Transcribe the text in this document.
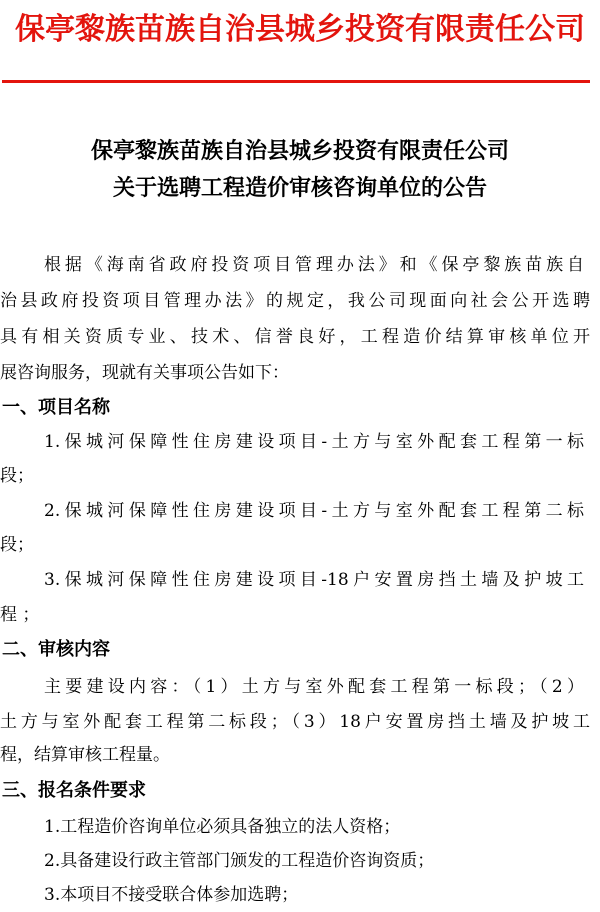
保亭黎族苗族自治县城乡投资有限责任公司
保亭黎族苗族自治县城乡投资有限责任公司
关于选聘工程造价审核咨询单位的公告
根据《海南省政府投资项目管理办法》和《保亭黎族苗族自
治县政府投资项目管理办法》的规定，我公司现面向社会公开选聘
具有相关资质专业、技术、信誉良好，工程造价结算审核单位开
展咨询服务，现就有关事项公告如下：
一、项目名称
1.保城河保障性住房建设项目-土方与室外配套工程第一标
段；
2.保城河保障性住房建设项目-土方与室外配套工程第二标
段；
3.保城河保障性住房建设项目-18户安置房挡土墙及护坡工
程 ；
二、审核内容
主要建设内容：（1）土方与室外配套工程第一标段；（2）
土方与室外配套工程第二标段；（3）18户安置房挡土墙及护坡工
程，结算审核工程量。
三、报名条件要求
1.工程造价咨询单位必须具备独立的法人资格；
2.具备建设行政主管部门颁发的工程造价咨询资质；
3.本项目不接受联合体参加选聘；
